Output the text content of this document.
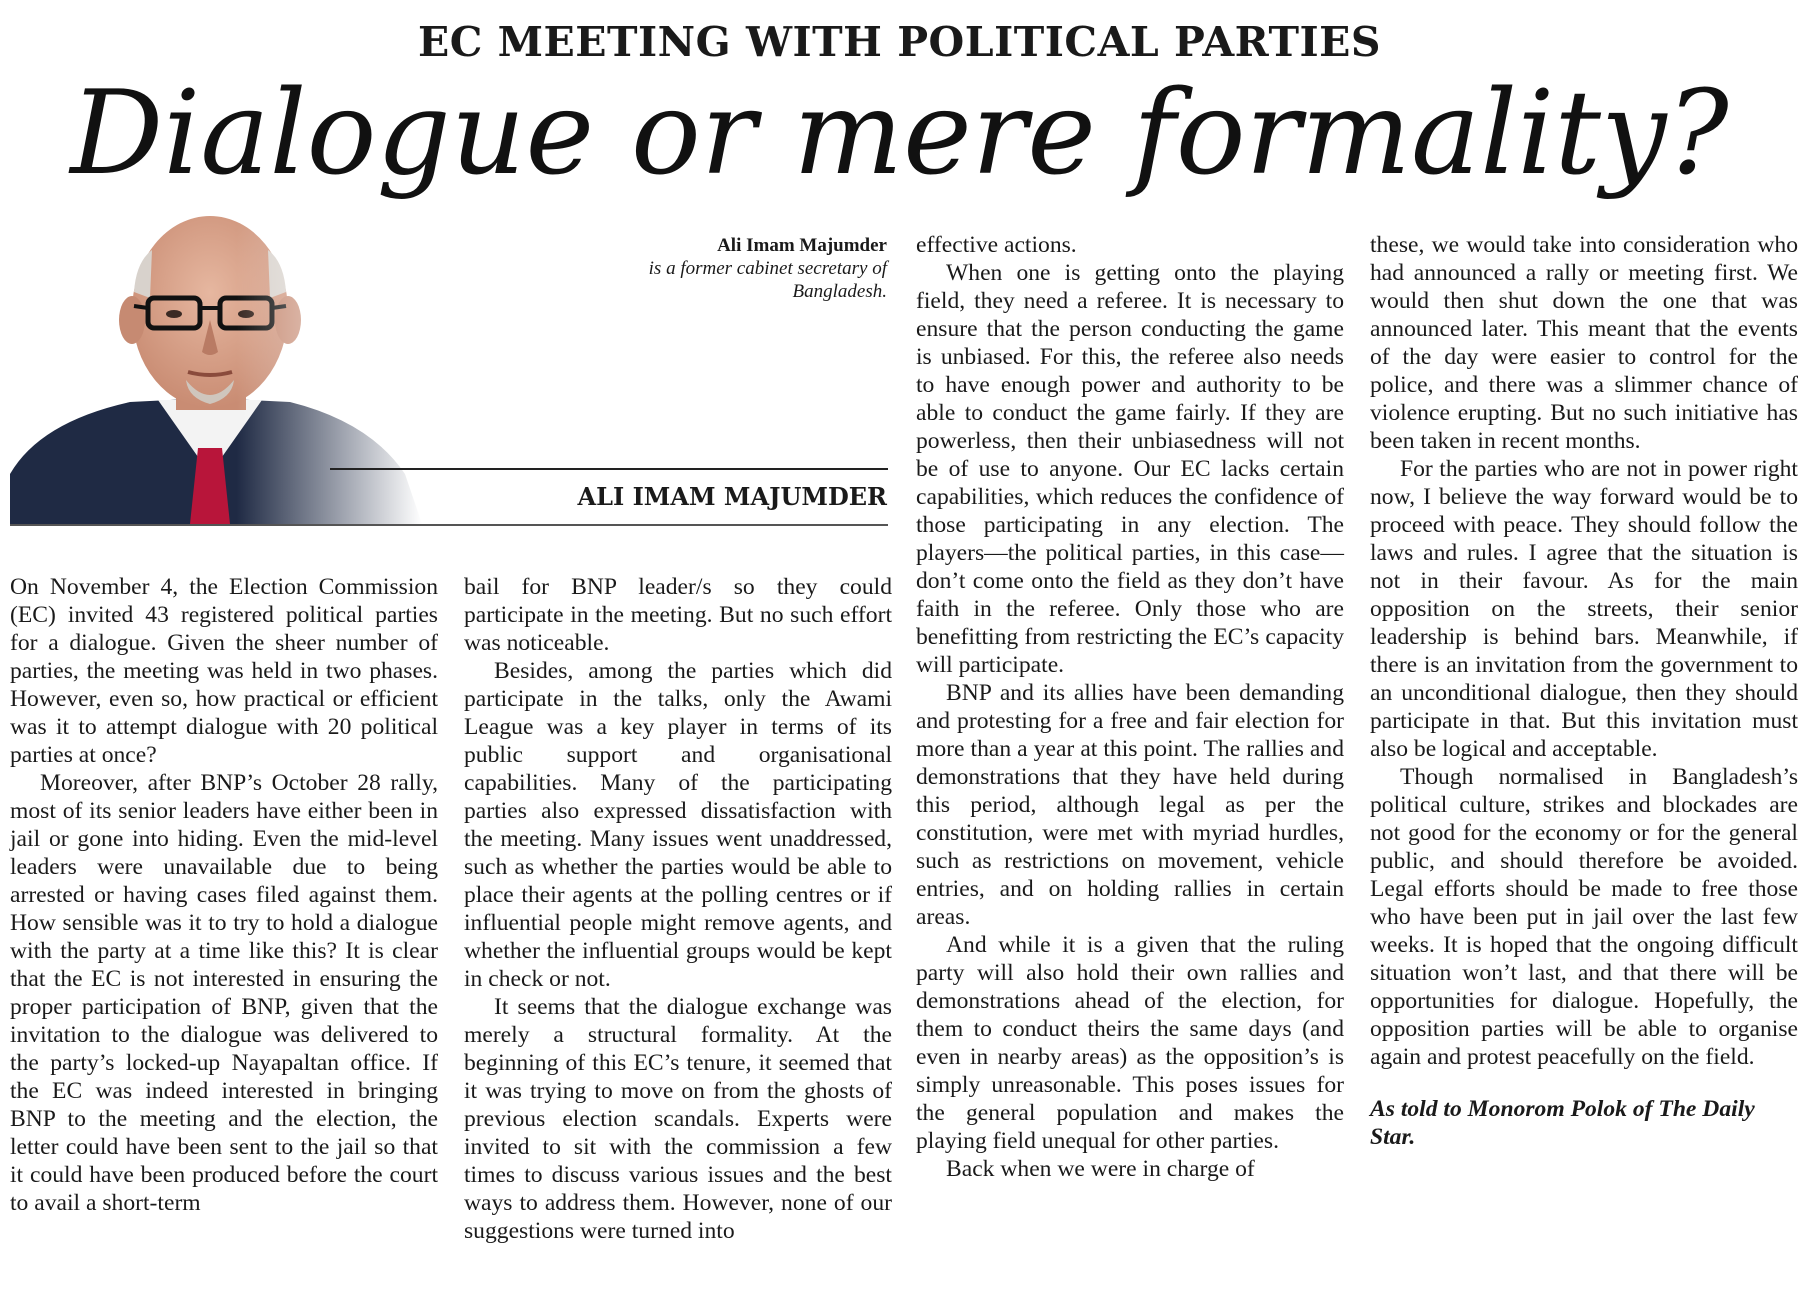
EC MEETING WITH POLITICAL PARTIES
Dialogue or mere formality?
Ali Imam Majumder
is a former cabinet secretary of
Bangladesh.
ALI IMAM MAJUMDER

On November 4, the Election Commission (EC) invited 43 registered political parties for a dialogue. Given the sheer number of parties, the meeting was held in two phases. However, even so, how practical or efficient was it to attempt dialogue with 20 political parties at once?

Moreover, after BNP’s October 28 rally, most of its senior leaders have either been in jail or gone into hiding. Even the mid-level leaders were unavailable due to being arrested or having cases filed against them. How sensible was it to try to hold a dialogue with the party at a time like this? It is clear that the EC is not interested in ensuring the proper participation of BNP, given that the invitation to the dialogue was delivered to the party’s locked-up Nayapaltan office. If the EC was indeed interested in bringing BNP to the meeting and the election, the letter could have been sent to the jail so that it could have been produced before the court to avail a short-term

bail for BNP leader/s so they could participate in the meeting. But no such effort was noticeable.

Besides, among the parties which did participate in the talks, only the Awami League was a key player in terms of its public support and organisational capabilities. Many of the participating parties also expressed dissatisfaction with the meeting. Many issues went unaddressed, such as whether the parties would be able to place their agents at the polling centres or if influential people might remove agents, and whether the influential groups would be kept in check or not.

It seems that the dialogue exchange was merely a structural formality. At the beginning of this EC’s tenure, it seemed that it was trying to move on from the ghosts of previous election scandals. Experts were invited to sit with the commission a few times to discuss various issues and the best ways to address them. However, none of our suggestions were turned into

effective actions.

When one is getting onto the playing field, they need a referee. It is necessary to ensure that the person conducting the game is unbiased. For this, the referee also needs to have enough power and authority to be able to conduct the game fairly. If they are powerless, then their unbiasedness will not be of use to anyone. Our EC lacks certain capabilities, which reduces the confidence of those participating in any election. The players—the political parties, in this case—don’t come onto the field as they don’t have faith in the referee. Only those who are benefitting from restricting the EC’s capacity will participate.

BNP and its allies have been demanding and protesting for a free and fair election for more than a year at this point. The rallies and demonstrations that they have held during this period, although legal as per the constitution, were met with myriad hurdles, such as restrictions on movement, vehicle entries, and on holding rallies in certain areas.

And while it is a given that the ruling party will also hold their own rallies and demonstrations ahead of the election, for them to conduct theirs the same days (and even in nearby areas) as the opposition’s is simply unreasonable. This poses issues for the general population and makes the playing field unequal for other parties.

Back when we were in charge of

these, we would take into consideration who had announced a rally or meeting first. We would then shut down the one that was announced later. This meant that the events of the day were easier to control for the police, and there was a slimmer chance of violence erupting. But no such initiative has been taken in recent months.

For the parties who are not in power right now, I believe the way forward would be to proceed with peace. They should follow the laws and rules. I agree that the situation is not in their favour. As for the main opposition on the streets, their senior leadership is behind bars. Meanwhile, if there is an invitation from the government to an unconditional dialogue, then they should participate in that. But this invitation must also be logical and acceptable.

Though normalised in Bangladesh’s political culture, strikes and blockades are not good for the economy or for the general public, and should therefore be avoided. Legal efforts should be made to free those who have been put in jail over the last few weeks. It is hoped that the ongoing difficult situation won’t last, and that there will be opportunities for dialogue. Hopefully, the opposition parties will be able to organise again and protest peacefully on the field.

As told to Monorom Polok of The Daily Star.
